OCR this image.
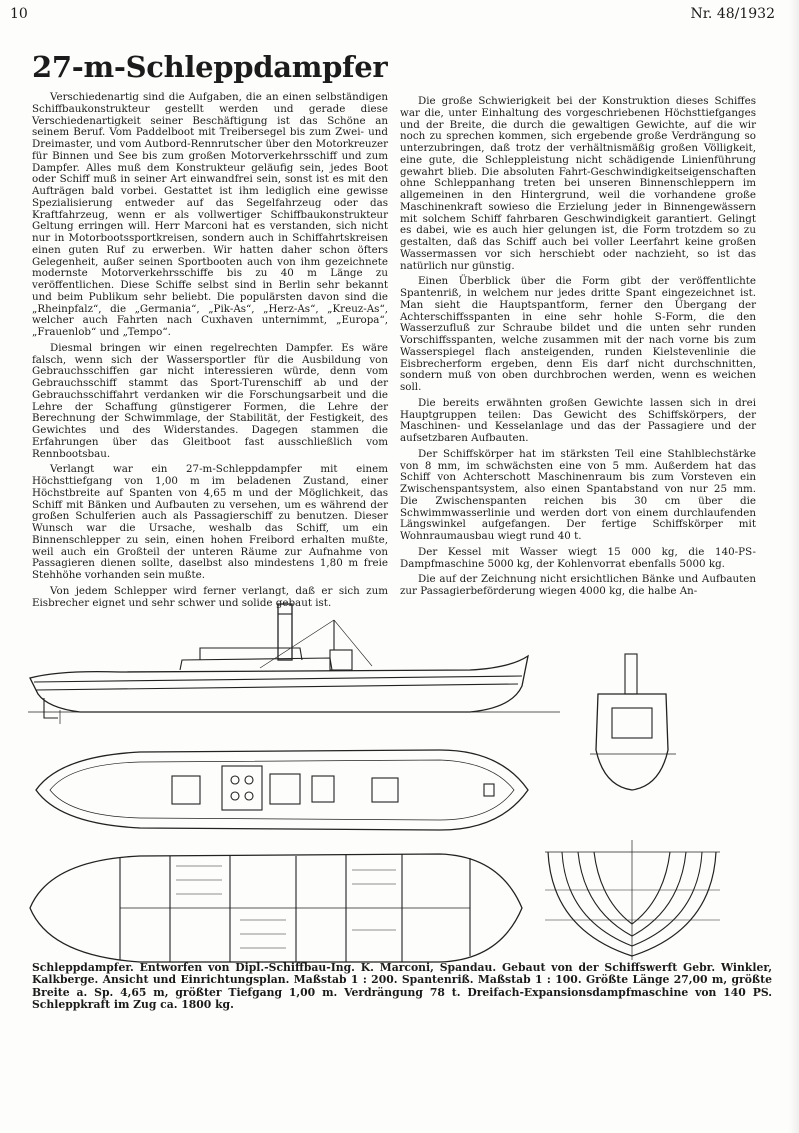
10	Nr. 48/1932
27-m-Schleppdampfer

Verschiedenartig sind die Aufgaben, die an einen selbständigen Schiffbaukonstrukteur gestellt werden und gerade diese Verschiedenartigkeit seiner Beschäftigung ist das Schöne an seinem Beruf. Vom Paddelboot mit Treibersegel bis zum Zwei- und Dreimaster, und vom Autbord-Rennrutscher über den Motorkreuzer für Binnen und See bis zum großen Motorverkehrsschiff und zum Dampfer. Alles muß dem Konstrukteur geläufig sein, jedes Boot oder Schiff muß in seiner Art einwandfrei sein, sonst ist es mit den Aufträgen bald vorbei. Gestattet ist ihm lediglich eine gewisse Spezialisierung entweder auf das Segelfahrzeug oder das Kraftfahrzeug, wenn er als vollwertiger Schiffbaukonstrukteur Geltung erringen will. Herr Marconi hat es verstanden, sich nicht nur in Motorbootssportkreisen, sondern auch in Schiffahrtskreisen einen guten Ruf zu erwerben. Wir hatten daher schon öfters Gelegenheit, außer seinen Sportbooten auch von ihm gezeichnete modernste Motorverkehrsschiffe bis zu 40 m Länge zu veröffentlichen. Diese Schiffe selbst sind in Berlin sehr bekannt und beim Publikum sehr beliebt. Die populärsten davon sind die „Rheinpfalz“, die „Germania“, „Pik-As“, „Herz-As“, „Kreuz-As“, welcher auch Fahrten nach Cuxhaven unternimmt, „Europa“, „Frauenlob“ und „Tempo“.

Diesmal bringen wir einen regelrechten Dampfer. Es wäre falsch, wenn sich der Wassersportler für die Ausbildung von Gebrauchsschiffen gar nicht interessieren würde, denn vom Gebrauchsschiff stammt das Sport-Turenschiff ab und der Gebrauchsschiffahrt verdanken wir die Forschungsarbeit und die Lehre der Schaffung günstigerer Formen, die Lehre der Berechnung der Schwimmlage, der Stabilität, der Festigkeit, des Gewichtes und des Widerstandes. Dagegen stammen die Erfahrungen über das Gleitboot fast ausschließlich vom Rennbootsbau.

Verlangt war ein 27-m-Schleppdampfer mit einem Höchsttiefgang von 1,00 m im beladenen Zustand, einer Höchstbreite auf Spanten von 4,65 m und der Möglichkeit, das Schiff mit Bänken und Aufbauten zu versehen, um es während der großen Schulferien auch als Passagierschiff zu benutzen. Dieser Wunsch war die Ursache, weshalb das Schiff, um ein Binnenschlepper zu sein, einen hohen Freibord erhalten mußte, weil auch ein Großteil der unteren Räume zur Aufnahme von Passagieren dienen sollte, daselbst also mindestens 1,80 m freie Stehhöhe vorhanden sein mußte.

Von jedem Schlepper wird ferner verlangt, daß er sich zum Eisbrecher eignet und sehr schwer und solide gebaut ist.

Die große Schwierigkeit bei der Konstruktion dieses Schiffes war die, unter Einhaltung des vorgeschriebenen Höchsttiefganges und der Breite, die durch die gewaltigen Gewichte, auf die wir noch zu sprechen kommen, sich ergebende große Verdrängung so unterzubringen, daß trotz der verhältnismäßig großen Völligkeit, eine gute, die Schleppleistung nicht schädigende Linienführung gewahrt blieb. Die absoluten Fahrt-Geschwindigkeitseigenschaften ohne Schleppanhang treten bei unseren Binnenschleppern im allgemeinen in den Hintergrund, weil die vorhandene große Maschinenkraft sowieso die Erzielung jeder in Binnengewässern mit solchem Schiff fahrbaren Geschwindigkeit garantiert. Gelingt es dabei, wie es auch hier gelungen ist, die Form trotzdem so zu gestalten, daß das Schiff auch bei voller Leerfahrt keine großen Wassermassen vor sich herschiebt oder nachzieht, so ist das natürlich nur günstig.

Einen Überblick über die Form gibt der veröffentlichte Spantenriß, in welchem nur jedes dritte Spant eingezeichnet ist. Man sieht die Hauptspantform, ferner den Übergang der Achterschiffsspanten in eine sehr hohle S-Form, die den Wasserzufluß zur Schraube bildet und die unten sehr runden Vorschiffsspanten, welche zusammen mit der nach vorne bis zum Wasserspiegel flach ansteigenden, runden Kielstevenlinie die Eisbrecherform ergeben, denn Eis darf nicht durchschnitten, sondern muß von oben durchbrochen werden, wenn es weichen soll.

Die bereits erwähnten großen Gewichte lassen sich in drei Hauptgruppen teilen: Das Gewicht des Schiffskörpers, der Maschinen- und Kesselanlage und das der Passagiere und der aufsetzbaren Aufbauten.

Der Schiffskörper hat im stärksten Teil eine Stahlblechstärke von 8 mm, im schwächsten eine von 5 mm. Außerdem hat das Schiff von Achterschott Maschinenraum bis zum Vorsteven ein Zwischenspantsystem, also einen Spantabstand von nur 25 mm. Die Zwischenspanten reichen bis 30 cm über die Schwimmwasserlinie und werden dort von einem durchlaufenden Längswinkel aufgefangen. Der fertige Schiffskörper mit Wohnraumausbau wiegt rund 40 t.

Der Kessel mit Wasser wiegt 15 000 kg, die 140-PS-Dampfmaschine 5000 kg, der Kohlenvorrat ebenfalls 5000 kg.

Die auf der Zeichnung nicht ersichtlichen Bänke und Aufbauten zur Passagierbeförderung wiegen 4000 kg, die halbe An-

Schleppdampfer. Entworfen von Dipl.-Schiffbau-Ing. K. Marconi, Spandau. Gebaut von der Schiffswerft Gebr. Winkler, Kalkberge. Ansicht und Einrichtungsplan. Maßstab 1 : 200. Spantenriß. Maßstab 1 : 100. Größte Länge 27,00 m, größte Breite a. Sp. 4,65 m, größter Tiefgang 1,00 m. Verdrängung 78 t. Dreifach-Expansionsdampfmaschine von 140 PS. Schleppkraft im Zug ca. 1800 kg.
